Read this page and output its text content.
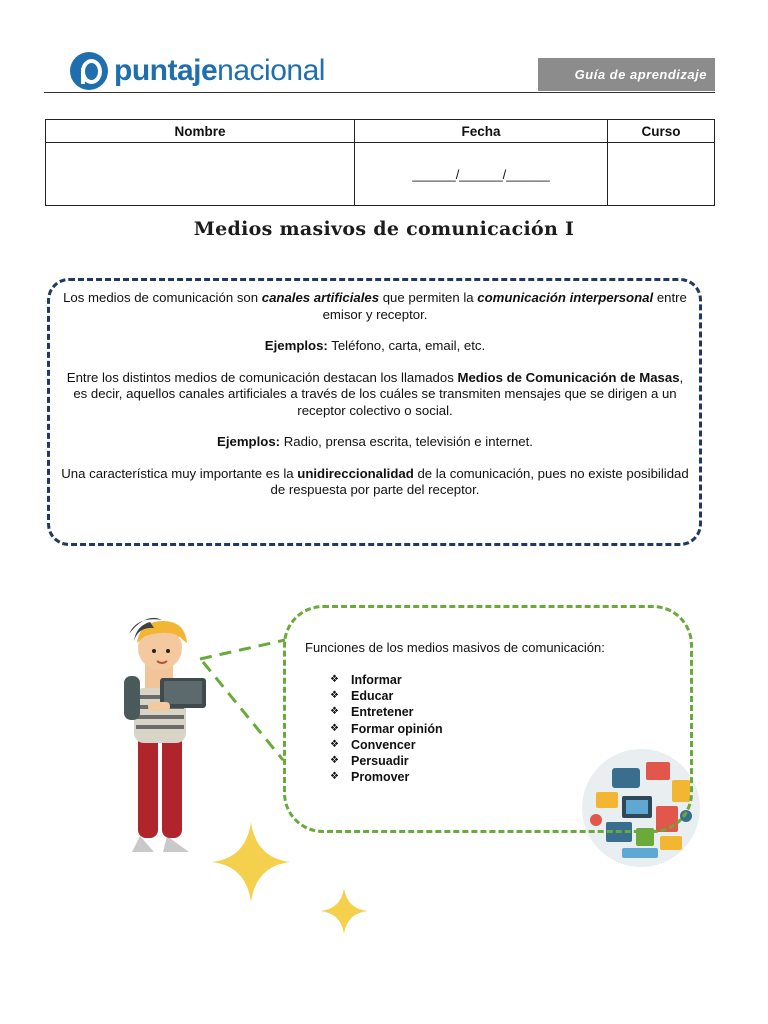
puntajenacional	Guía de aprendizaje
Nombre	Fecha	Curso
	______/______/______	
Medios masivos de comunicación I

Los medios de comunicación son canales artificiales que permiten la comunicación interpersonal entre emisor y receptor.

Ejemplos: Teléfono, carta, email, etc.

Entre los distintos medios de comunicación destacan los llamados Medios de Comunicación de Masas, es decir, aquellos canales artificiales a través de los cuáles se transmiten mensajes que se dirigen a un receptor colectivo o social.

Ejemplos: Radio, prensa escrita, televisión e internet.

Una característica muy importante es la unidireccionalidad de la comunicación, pues no existe posibilidad de respuesta por parte del receptor.

Funciones de los medios masivos de comunicación:
❖ Informar
❖ Educar
❖ Entretener
❖ Formar opinión
❖ Convencer
❖ Persuadir
❖ Promover
